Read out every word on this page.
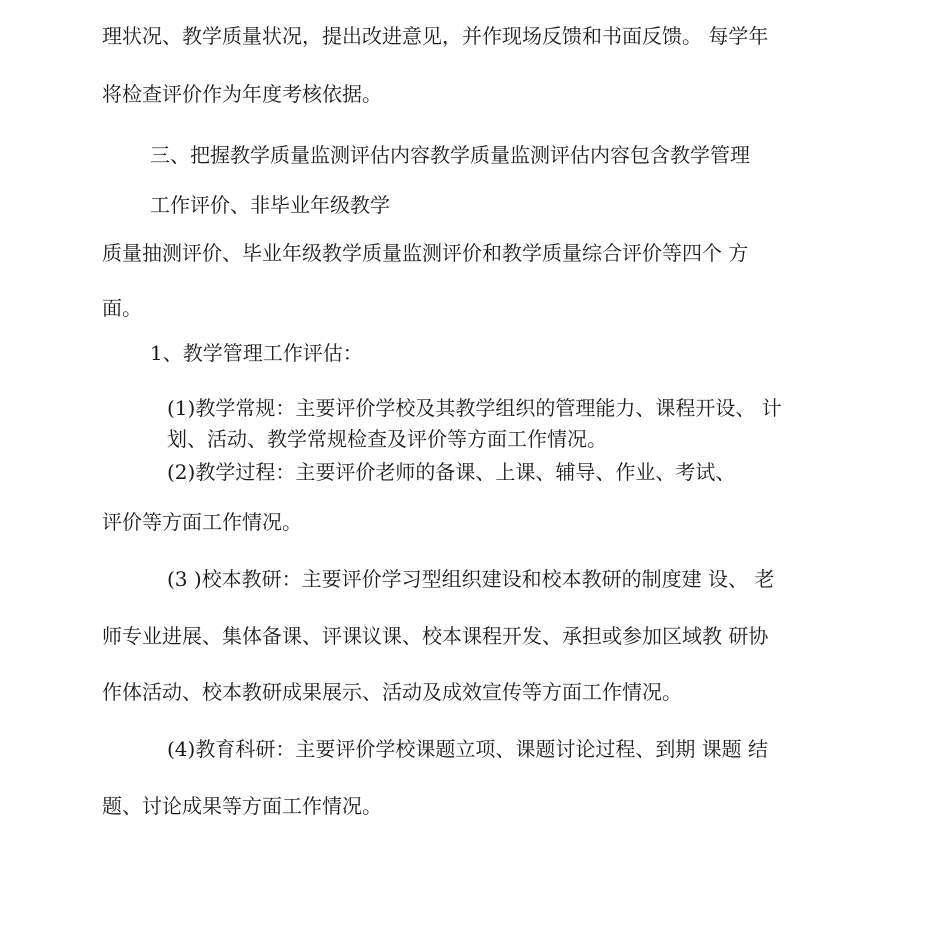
理状况、教学质量状况，提出改进意见，并作现场反馈和书面反馈。 每学年

将检查评价作为年度考核依据。

三、把握教学质量监测评估内容教学质量监测评估内容包含教学管理

工作评价、非毕业年级教学

质量抽测评价、毕业年级教学质量监测评价和教学质量综合评价等四个 方

面。

1、教学管理工作评估：

(1)教学常规：主要评价学校及其教学组织的管理能力、课程开设、 计

划、活动、教学常规检查及评价等方面工作情况。

(2)教学过程：主要评价老师的备课、上课、辅导、作业、考试、

评价等方面工作情况。

(3 )校本教研：主要评价学习型组织建设和校本教研的制度建 设、 老

师专业进展、集体备课、评课议课、校本课程开发、承担或参加区域教 研协

作体活动、校本教研成果展示、活动及成效宣传等方面工作情况。

(4)教育科研：主要评价学校课题立项、课题讨论过程、到期 课题 结

题、讨论成果等方面工作情况。
